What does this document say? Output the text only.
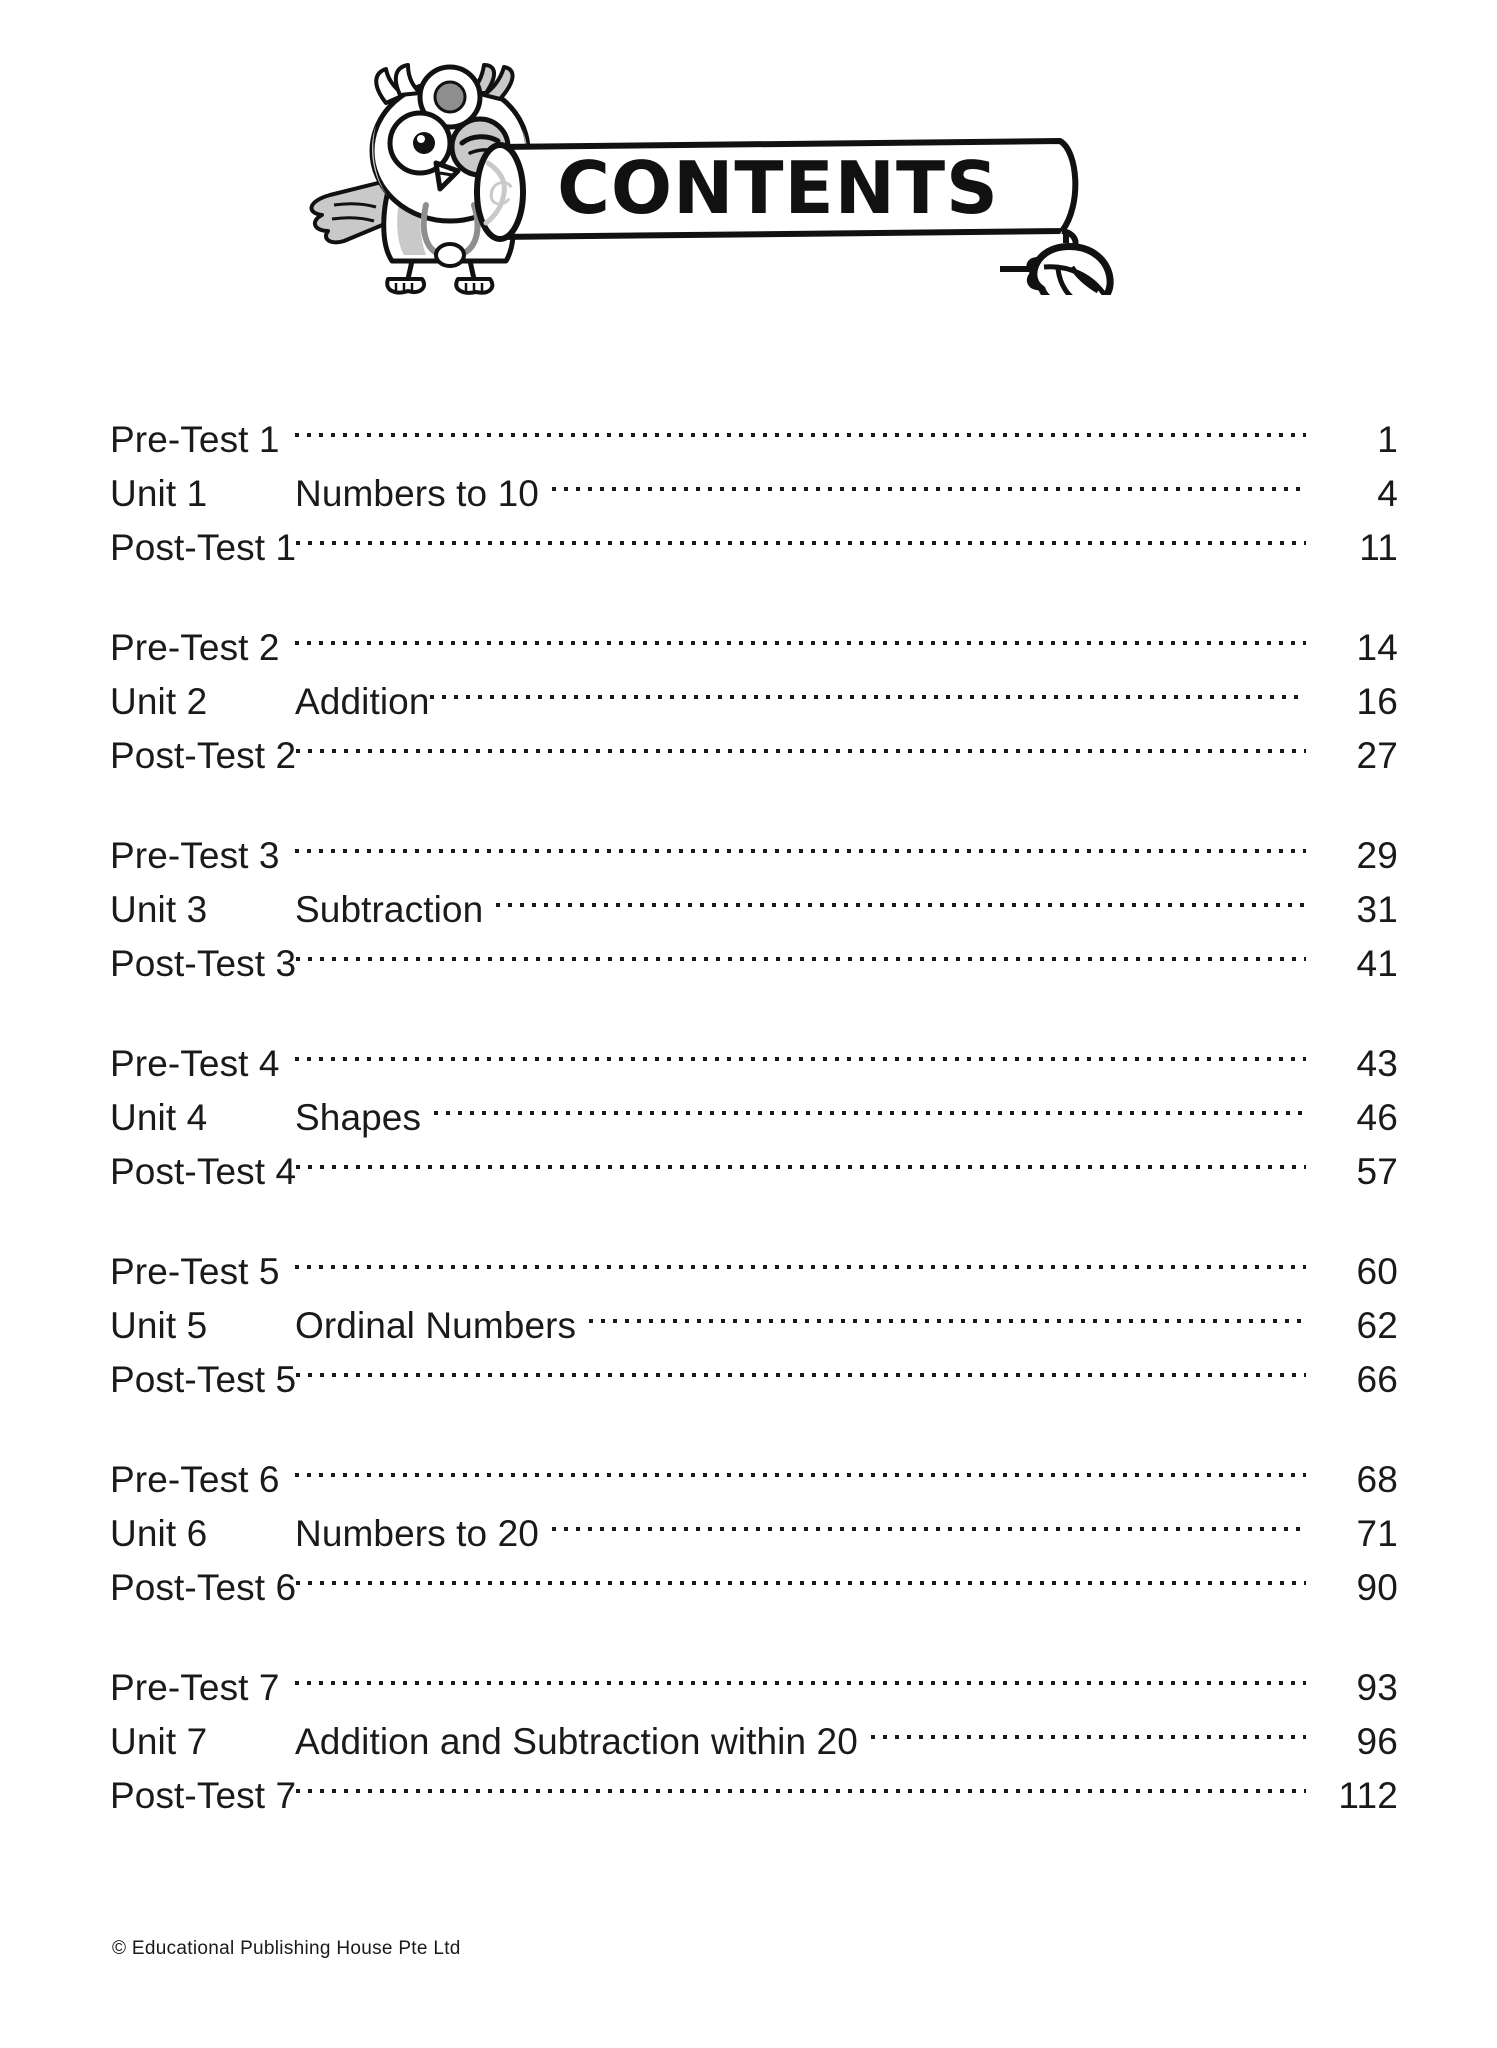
C CONTENTS
Pre-Test 1	1
Unit 1	Numbers to 10	4
Post-Test 1	11
Pre-Test 2	14
Unit 2	Addition	16
Post-Test 2	27
Pre-Test 3	29
Unit 3	Subtraction	31
Post-Test 3	41
Pre-Test 4	43
Unit 4	Shapes	46
Post-Test 4	57
Pre-Test 5	60
Unit 5	Ordinal Numbers	62
Post-Test 5	66
Pre-Test 6	68
Unit 6	Numbers to 20	71
Post-Test 6	90
Pre-Test 7	93
Unit 7	Addition and Subtraction within 20	96
Post-Test 7	112
© Educational Publishing House Pte Ltd
